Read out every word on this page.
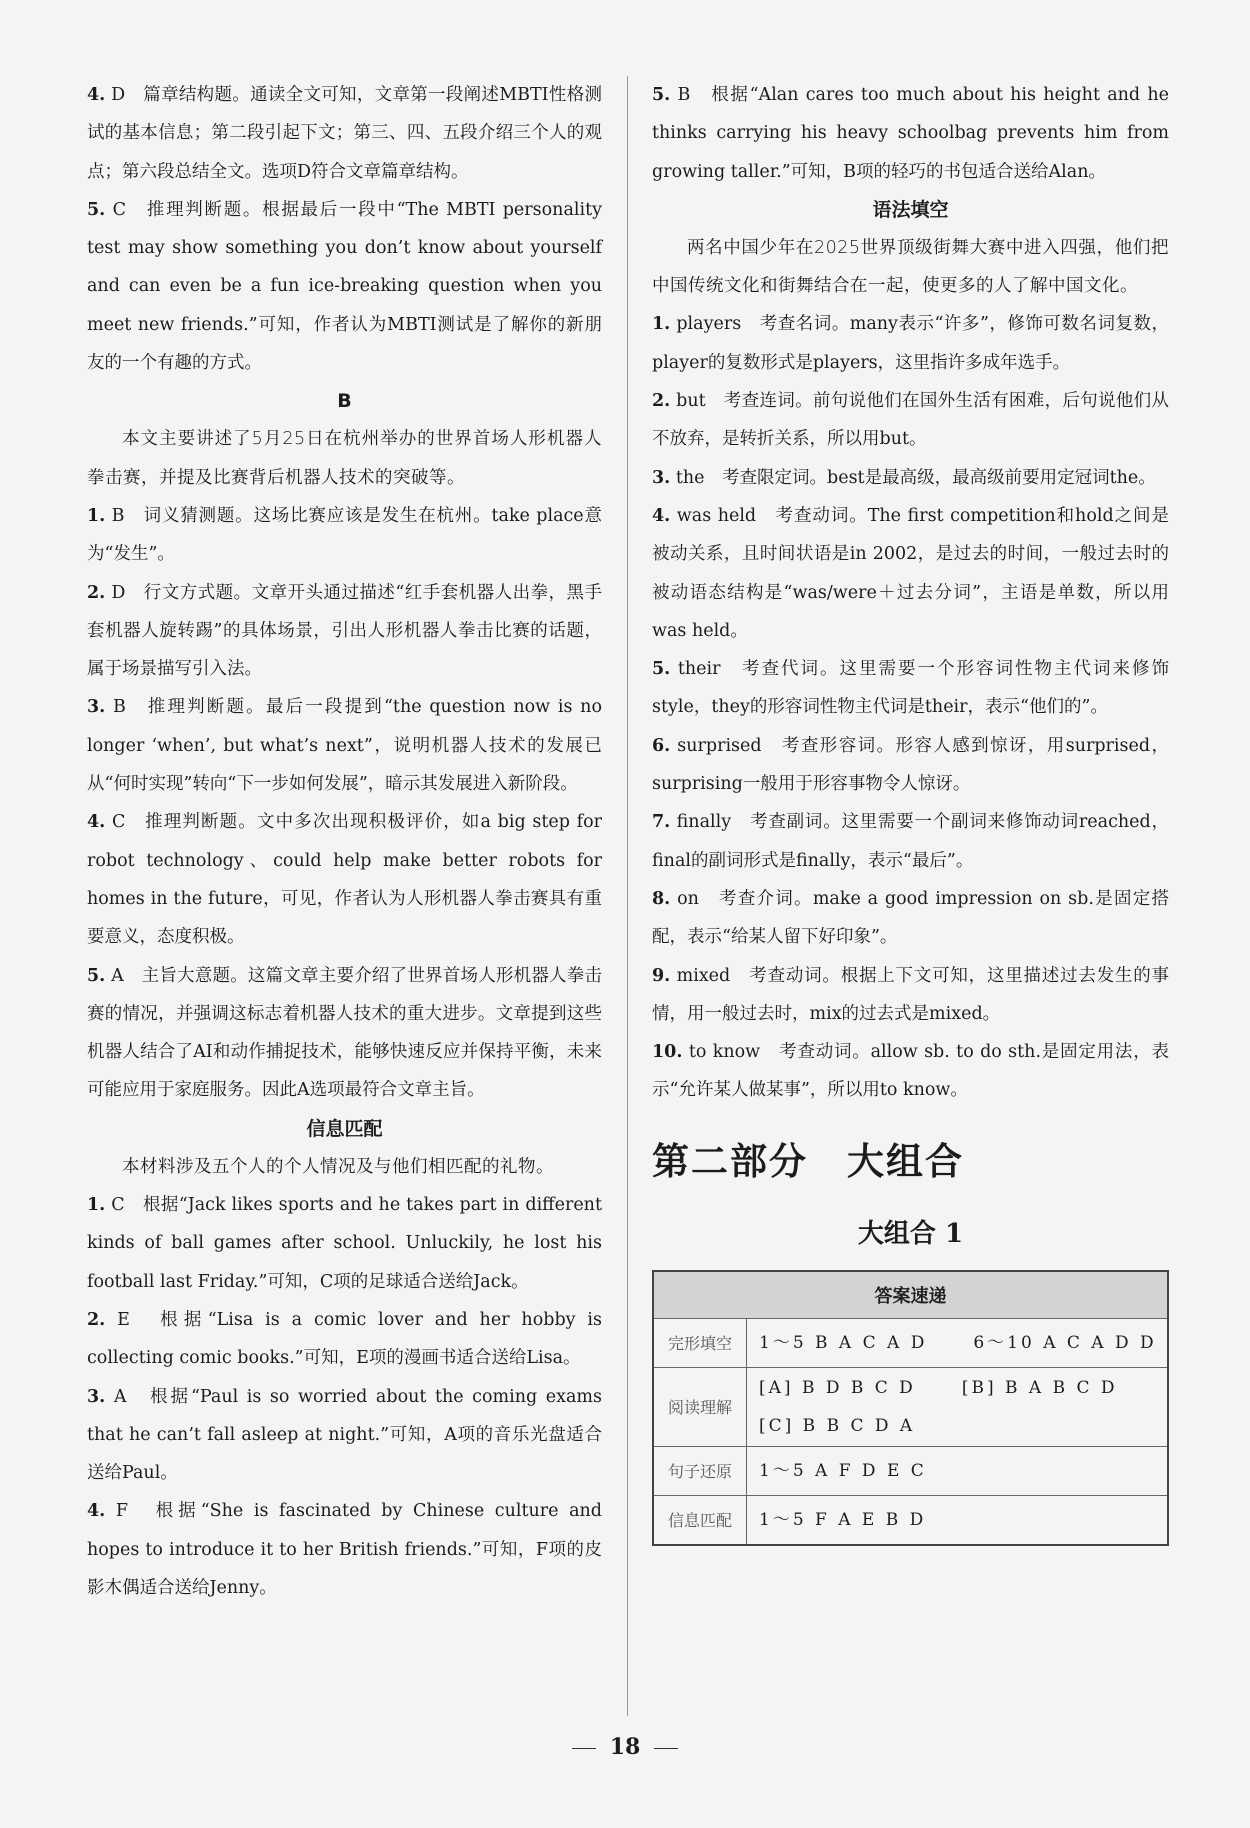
4. D　篇章结构题。通读全文可知，文章第一段阐述MBTI性格测试的基本信息；第二段引起下文；第三、四、五段介绍三个人的观点；第六段总结全文。选项D符合文章篇章结构。

5. C　推理判断题。根据最后一段中“The MBTI personality test may show something you don’t know about yourself and can even be a fun ice-breaking question when you meet new friends.”可知，作者认为MBTI测试是了解你的新朋友的一个有趣的方式。

B

本文主要讲述了5月25日在杭州举办的世界首场人形机器人拳击赛，并提及比赛背后机器人技术的突破等。

1. B　词义猜测题。这场比赛应该是发生在杭州。take place意为“发生”。

2. D　行文方式题。文章开头通过描述“红手套机器人出拳，黑手套机器人旋转踢”的具体场景，引出人形机器人拳击比赛的话题，属于场景描写引入法。

3. B　推理判断题。最后一段提到“the question now is no longer ‘when’, but what’s next”，说明机器人技术的发展已从“何时实现”转向“下一步如何发展”，暗示其发展进入新阶段。

4. C　推理判断题。文中多次出现积极评价，如a big step for robot technology、could help make better robots for homes in the future，可见，作者认为人形机器人拳击赛具有重要意义，态度积极。

5. A　主旨大意题。这篇文章主要介绍了世界首场人形机器人拳击赛的情况，并强调这标志着机器人技术的重大进步。文章提到这些机器人结合了AI和动作捕捉技术，能够快速反应并保持平衡，未来可能应用于家庭服务。因此A选项最符合文章主旨。

信息匹配

本材料涉及五个人的个人情况及与他们相匹配的礼物。

1. C　根据“Jack likes sports and he takes part in different kinds of ball games after school. Unluckily, he lost his football last Friday.”可知，C项的足球适合送给Jack。

2. E　根据“Lisa is a comic lover and her hobby is collecting comic books.”可知，E项的漫画书适合送给Lisa。

3. A　根据“Paul is so worried about the coming exams that he can’t fall asleep at night.”可知，A项的音乐光盘适合送给Paul。

4. F　根据“She is fascinated by Chinese culture and hopes to introduce it to her British friends.”可知，F项的皮影木偶适合送给Jenny。

5. B　根据“Alan cares too much about his height and he thinks carrying his heavy schoolbag prevents him from growing taller.”可知，B项的轻巧的书包适合送给Alan。

语法填空

两名中国少年在2025世界顶级街舞大赛中进入四强，他们把中国传统文化和街舞结合在一起，使更多的人了解中国文化。

1. players　考查名词。many表示“许多”，修饰可数名词复数，player的复数形式是players，这里指许多成年选手。

2. but　考查连词。前句说他们在国外生活有困难，后句说他们从不放弃，是转折关系，所以用but。

3. the　考查限定词。best是最高级，最高级前要用定冠词the。

4. was held　考查动词。The first competition和hold之间是被动关系，且时间状语是in 2002，是过去的时间，一般过去时的被动语态结构是“was/were＋过去分词”，主语是单数，所以用was held。

5. their　考查代词。这里需要一个形容词性物主代词来修饰style，they的形容词性物主代词是their，表示“他们的”。

6. surprised　考查形容词。形容人感到惊讶，用surprised，surprising一般用于形容事物令人惊讶。

7. finally　考查副词。这里需要一个副词来修饰动词reached，final的副词形式是finally，表示“最后”。

8. on　考查介词。make a good impression on sb.是固定搭配，表示“给某人留下好印象”。

9. mixed　考查动词。根据上下文可知，这里描述过去发生的事情，用一般过去时，mix的过去式是mixed。

10. to know　考查动词。allow sb. to do sth.是固定用法，表示“允许某人做某事”，所以用to know。

第二部分　大组合
大组合 1
答案速递	
完形填空	1～5 B A C A D 6～10 A C A D D
阅读理解	[A] B D B C D [B] B A B C D
[C] B B C D A
句子还原	1～5 A F D E C
信息匹配	1～5 F A E B D
18
